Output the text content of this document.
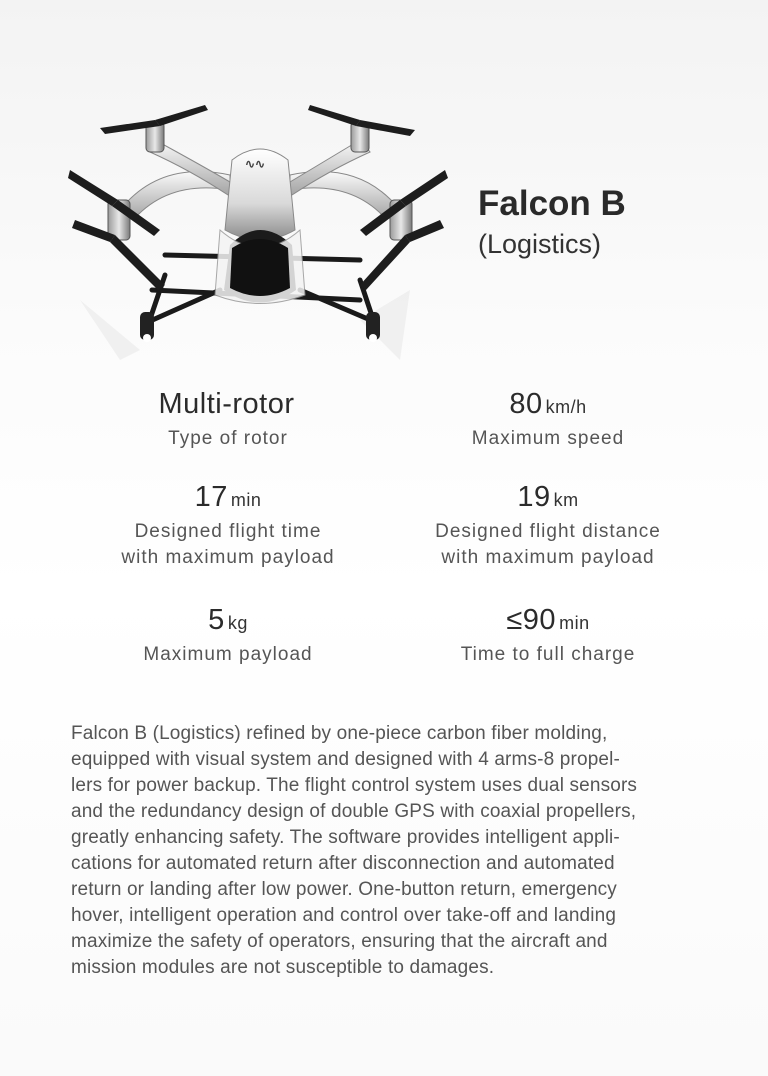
∿∿

Falcon B

(Logistics)

Multi-rotor
Type of rotor
80 km/h
Maximum speed
17 min
Designed flight time
with maximum payload
19 km
Designed flight distance
with maximum payload
5 kg
Maximum payload
≤90 min
Time to full charge

Falcon B (Logistics) refined by one-piece carbon fiber molding,
equipped with visual system and designed with 4 arms-8 propel-
lers for power backup. The flight control system uses dual sensors
and the redundancy design of double GPS with coaxial propellers,
greatly enhancing safety. The software provides intelligent appli-
cations for automated return after disconnection and automated
return or landing after low power. One-button return, emergency
hover, intelligent operation and control over take-off and landing
maximize the safety of operators, ensuring that the aircraft and
mission modules are not susceptible to damages.
